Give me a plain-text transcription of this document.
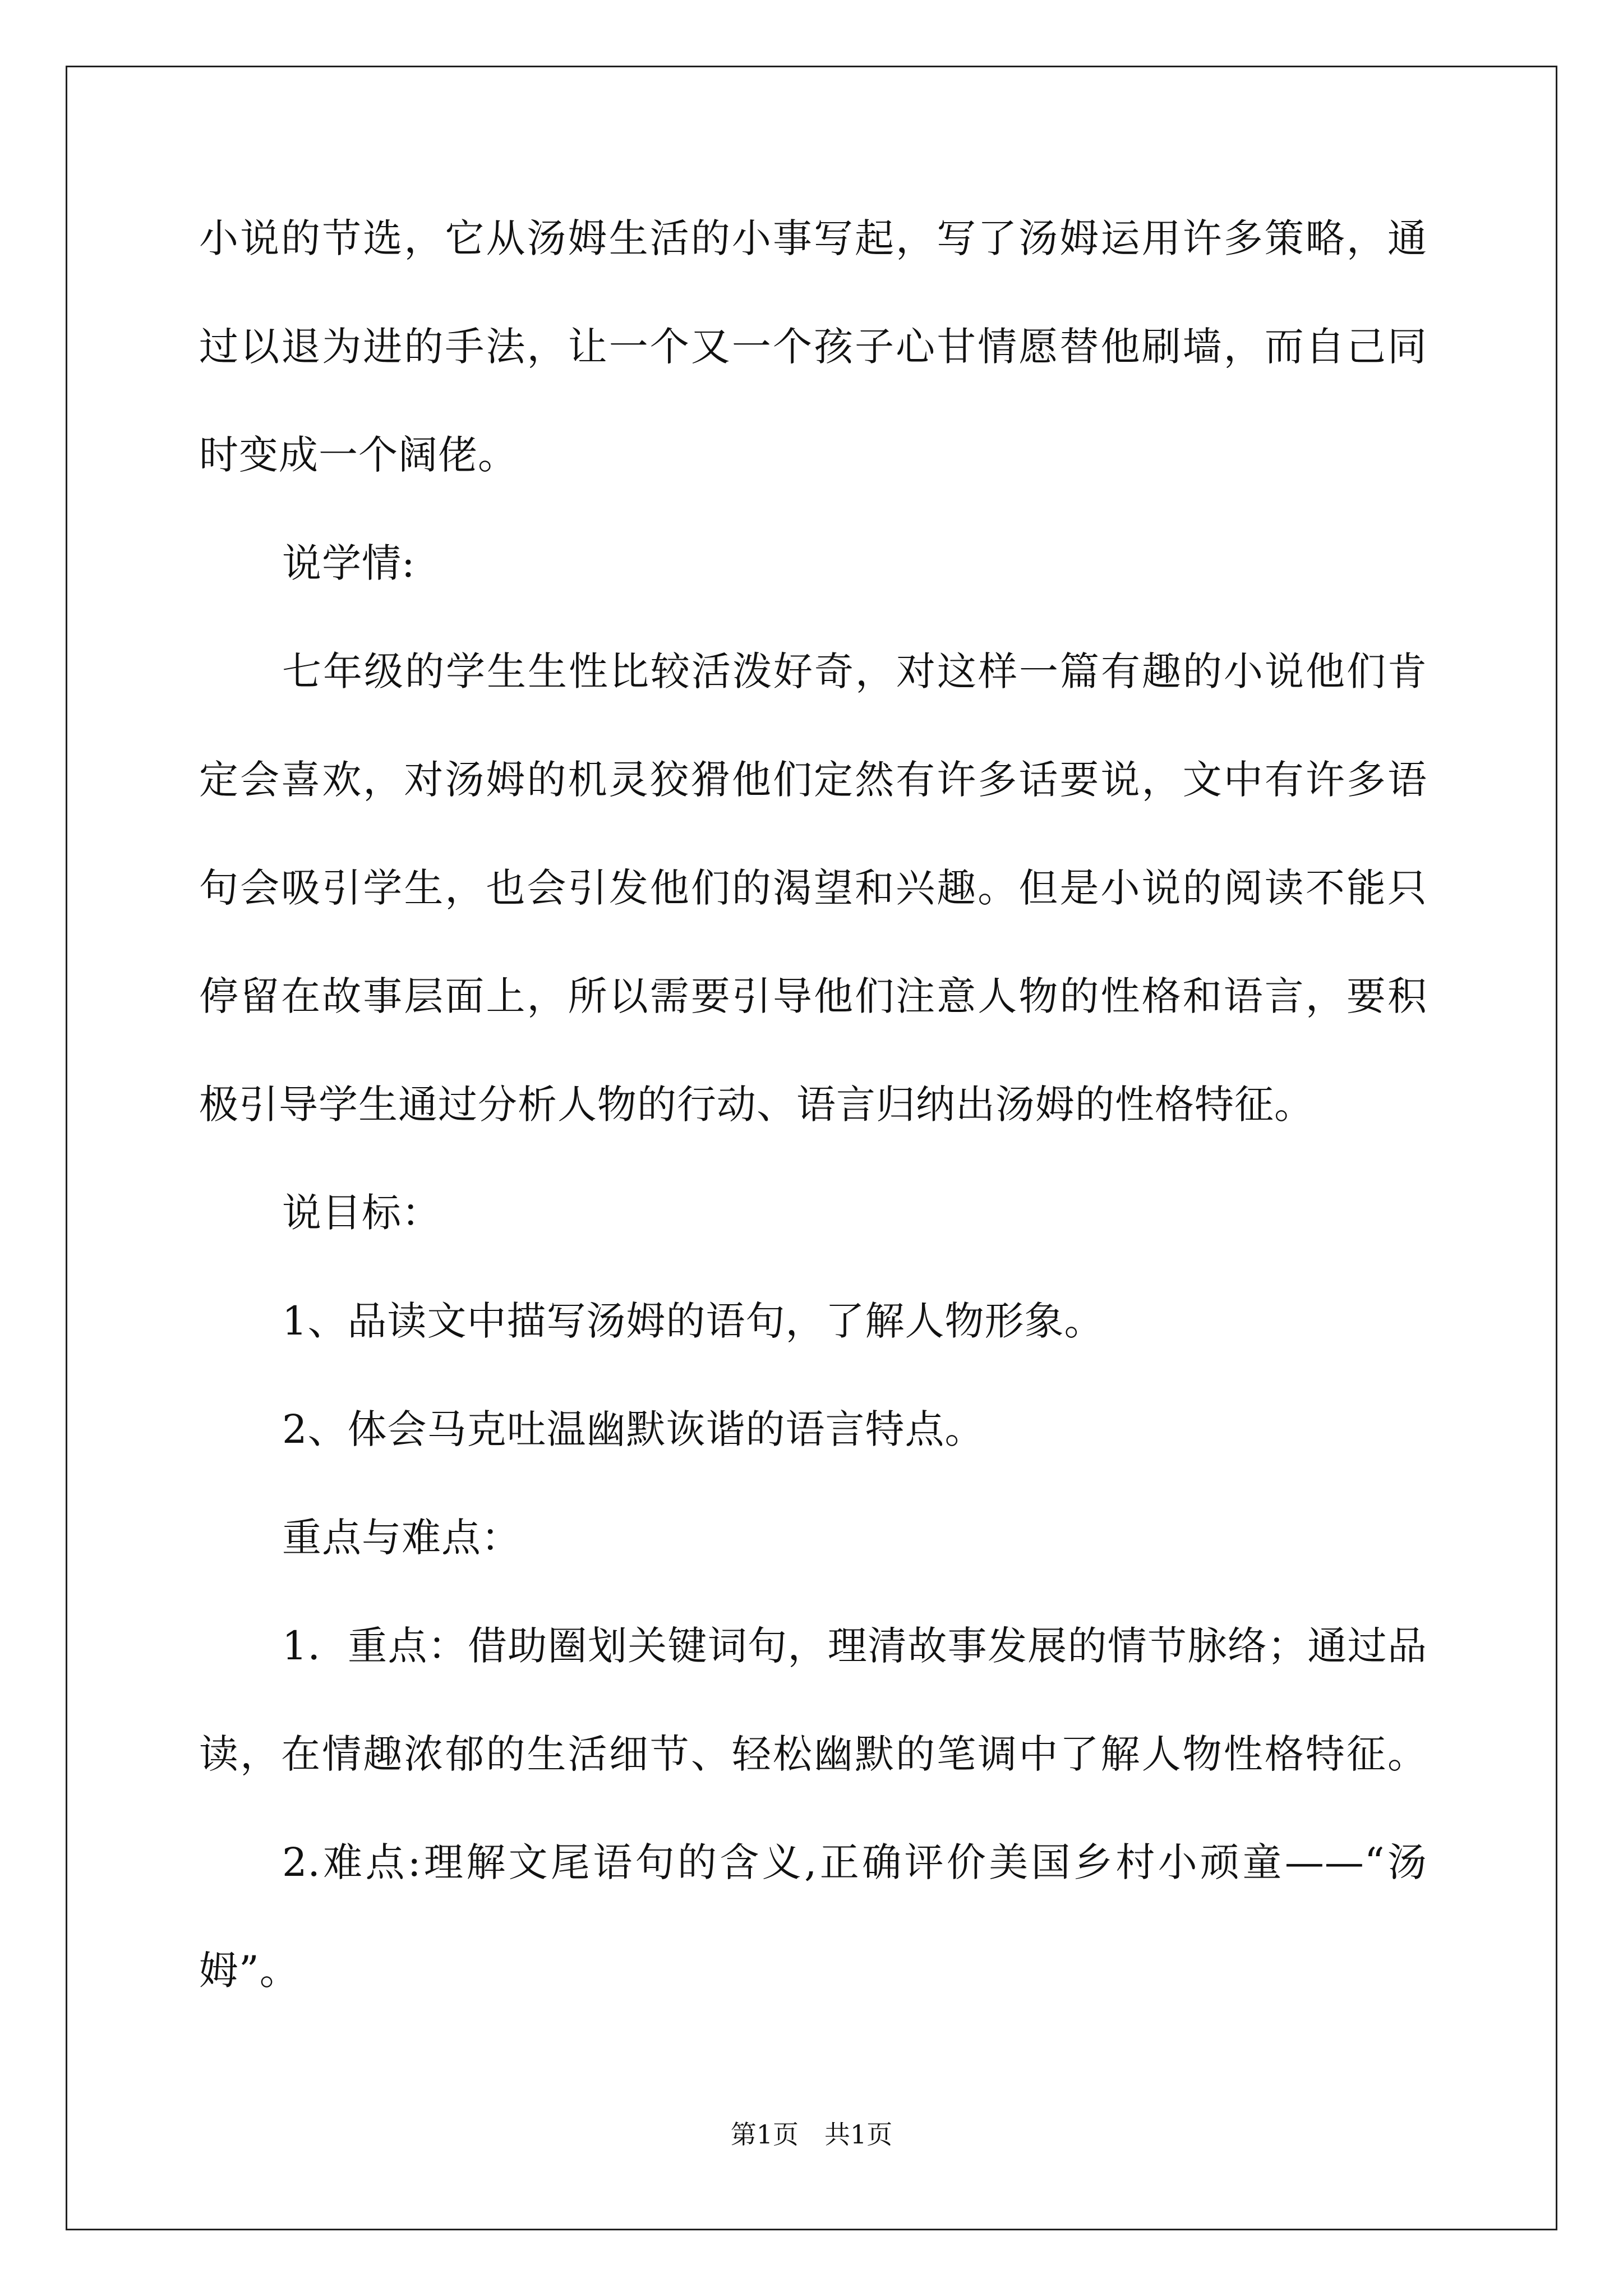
小说的节选，它从汤姆生活的小事写起，写了汤姆运用许多策略，通
过以退为进的手法，让一个又一个孩子心甘情愿替他刷墙，而自己同
时变成一个阔佬。
说学情:
七年级的学生生性比较活泼好奇，对这样一篇有趣的小说他们肯
定会喜欢，对汤姆的机灵狡猾他们定然有许多话要说，文中有许多语
句会吸引学生，也会引发他们的渴望和兴趣。但是小说的阅读不能只
停留在故事层面上，所以需要引导他们注意人物的性格和语言，要积
极引导学生通过分析人物的行动、语言归纳出汤姆的性格特征。
说目标：
1、品读文中描写汤姆的语句，了解人物形象。
2、体会马克吐温幽默诙谐的语言特点。
重点与难点：
1．重点：借助圈划关键词句，理清故事发展的情节脉络；通过品
读，在情趣浓郁的生活细节、轻松幽默的笔调中了解人物性格特征。
2.难点:理解文尾语句的含义,正确评价美国乡村小顽童——“汤
姆”。
第1页　共1页
